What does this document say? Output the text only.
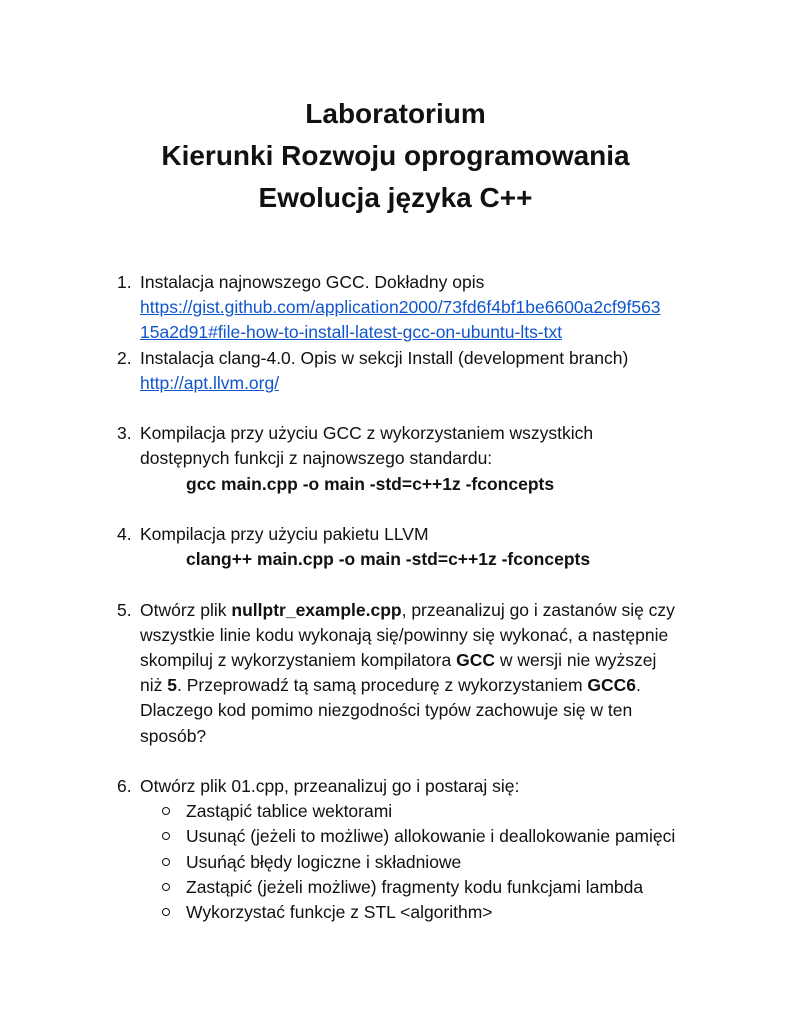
Laboratorium
Kierunki Rozwoju oprogramowania
Ewolucja języka C++
1. Instalacja najnowszego GCC. Dokładny opis
https://gist.github.com/application2000/73fd6f4bf1be6600a2cf9f563
15a2d91#file-how-to-install-latest-gcc-on-ubuntu-lts-txt
2. Instalacja clang-4.0. Opis w sekcji Install (development branch)
http://apt.llvm.org/
3. Kompilacja przy użyciu GCC z wykorzystaniem wszystkich
dostępnych funkcji z najnowszego standardu:
gcc main.cpp -o main -std=c++1z -fconcepts
4. Kompilacja przy użyciu pakietu LLVM
clang++ main.cpp -o main -std=c++1z -fconcepts
5. Otwórz plik nullptr_example.cpp, przeanalizuj go i zastanów się czy
wszystkie linie kodu wykonają się/powinny się wykonać, a następnie
skompiluj z wykorzystaniem kompilatora GCC w wersji nie wyższej
niż 5. Przeprowadź tą samą procedurę z wykorzystaniem GCC6.
Dlaczego kod pomimo niezgodności typów zachowuje się w ten
sposób?
6. Otwórz plik 01.cpp, przeanalizuj go i postaraj się:
Zastąpić tablice wektorami
Usunąć (jeżeli to możliwe) allokowanie i deallokowanie pamięci
Usuńąć błędy logiczne i składniowe
Zastąpić (jeżeli możliwe) fragmenty kodu funkcjami lambda
Wykorzystać funkcje z STL <algorithm>
